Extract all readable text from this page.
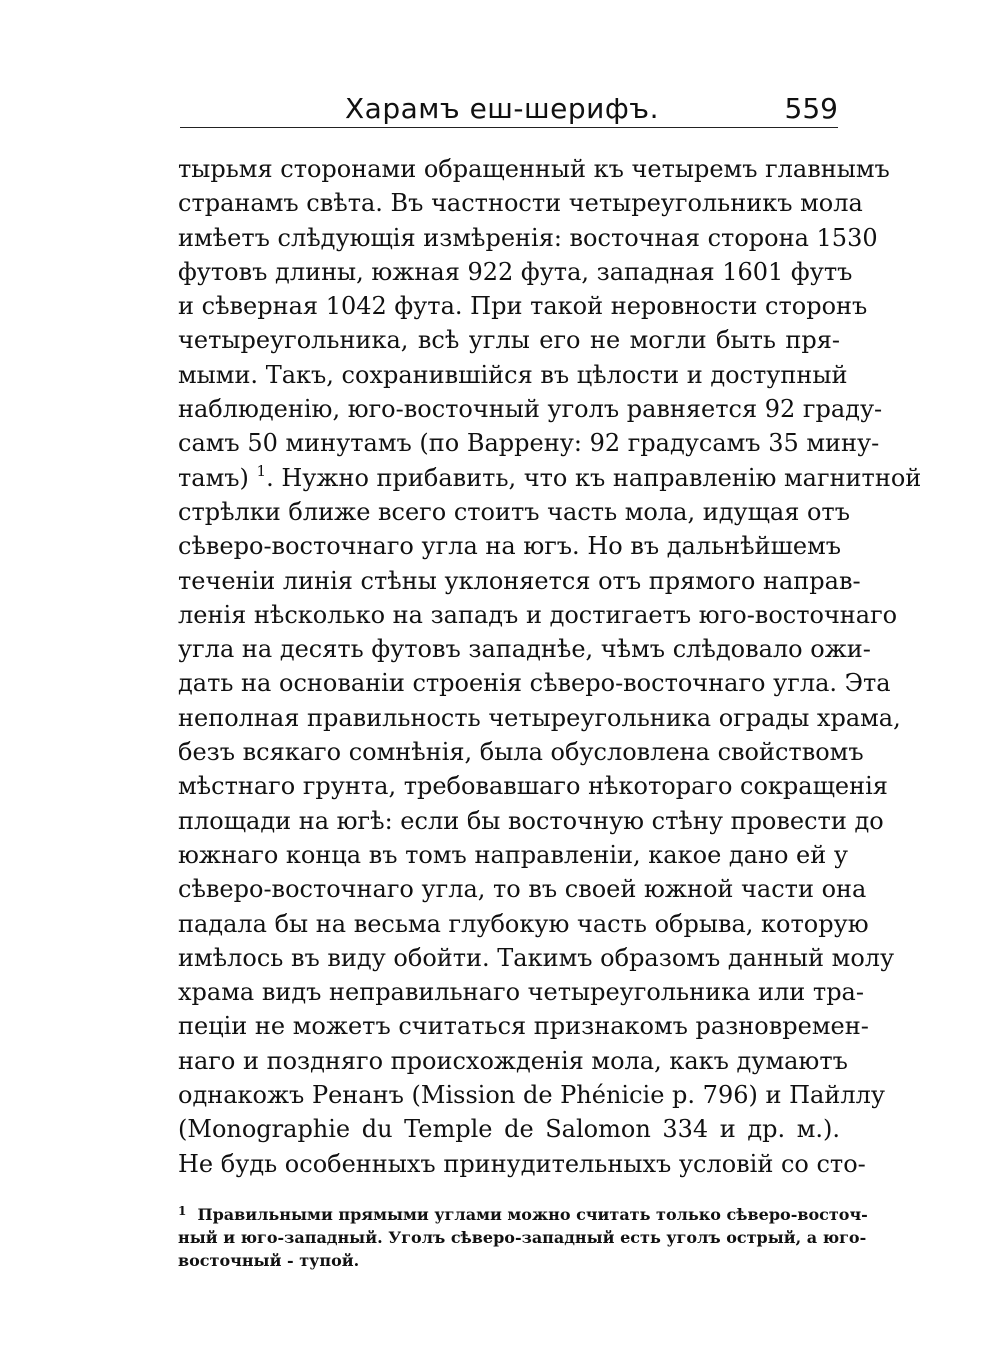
Харамъ еш-шерифъ.	559
тырьмя сторонами обращенный къ четыремъ главнымъ
странамъ свѣта. Въ частности четыреугольникъ мола
имѣетъ слѣдующія измѣренія: восточная сторона 1530
футовъ длины, южная 922 фута, западная 1601 футъ
и сѣверная 1042 фута. При такой неровности сторонъ
четыреугольника, всѣ углы его не могли быть пря-
мыми. Такъ, сохранившійся въ цѣлости и доступный
наблюденію, юго-восточный уголъ равняется 92 граду-
самъ 50 минутамъ (по Варрену: 92 градусамъ 35 мину-
тамъ) $^1$. Нужно прибавить, что къ направленію магнитной
стрѣлки ближе всего стоитъ часть мола, идущая отъ
сѣверо-восточнаго угла на югъ. Но въ дальнѣйшемъ
теченіи линія стѣны уклоняется отъ прямого направ-
ленія нѣсколько на западъ и достигаетъ юго-восточнаго
угла на десять футовъ западнѣе, чѣмъ слѣдовало ожи-
дать на основаніи строенія сѣверо-восточнаго угла. Эта
неполная правильность четыреугольника ограды храма,
безъ всякаго сомнѣнія, была обусловлена свойствомъ
мѣстнаго грунта, требовавшаго нѣкотораго сокращенія
площади на югѣ: если бы восточную стѣну провести до
южнаго конца въ томъ направленіи, какое дано ей у
сѣверо-восточнаго угла, то въ своей южной части она
падала бы на весьма глубокую часть обрыва, которую
имѣлось въ виду обойти. Такимъ образомъ данный молу
храма видъ неправильнаго четыреугольника или тра-
пеціи не можетъ считаться признакомъ разновремен-
наго и поздняго происхожденія мола, какъ думаютъ
однакожъ Ренанъ (Mission de Phénicie p. 796) и Пайллу
(Monographie du Temple de Salomon 334 и др. м.).
Не будь особенныхъ принудительныхъ условій со сто-
$^1$ Правильными прямыми углами можно считать только сѣверо-восточ-
ный и юго-западный. Уголъ сѣверо-западный есть уголъ острый, а юго-
восточный - тупой.
